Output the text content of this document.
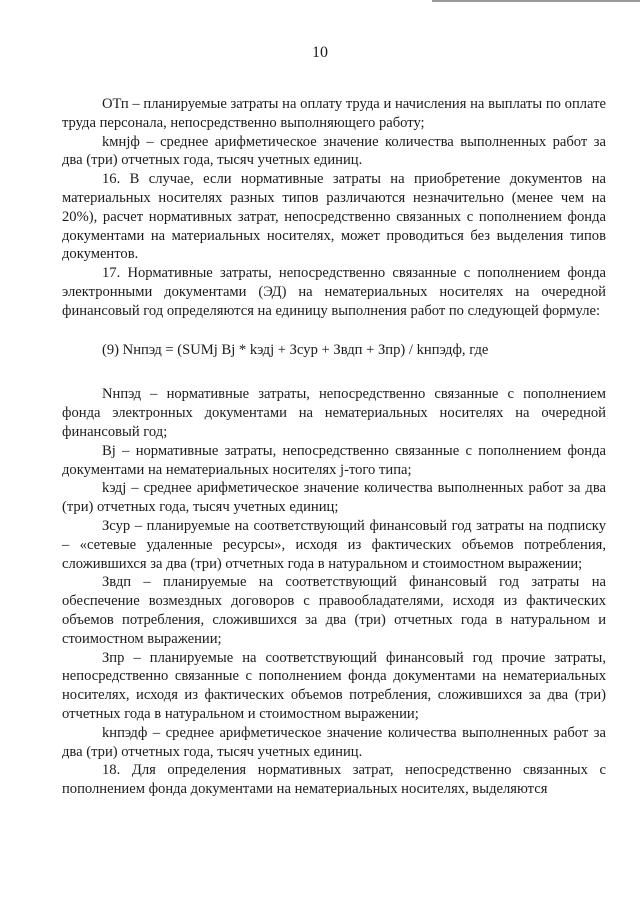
10

ОТп – планируемые затраты на оплату труда и начисления на выплаты по оплате труда персонала, непосредственно выполняющего работу;

kмнjф – среднее арифметическое значение количества выполненных работ за два (три) отчетных года, тысяч учетных единиц.

16. В случае, если нормативные затраты на приобретение документов на материальных носителях разных типов различаются незначительно (менее чем на 20%), расчет нормативных затрат, непосредственно связанных с пополнением фонда документами на материальных носителях, может проводиться без выделения типов документов.

17. Нормативные затраты, непосредственно связанные с пополнением фонда электронными документами (ЭД) на нематериальных носителях на очередной финансовый год определяются на единицу выполнения работ по следующей формуле:

(9) Nнпэд = (SUMj Bj * kэдj + Зсур + Звдп + Зпр) / kнпэдф, где

Nнпэд – нормативные затраты, непосредственно связанные с пополнением фонда электронных документами на нематериальных носителях на очередной финансовый год;

Bj – нормативные затраты, непосредственно связанные с пополнением фонда документами на нематериальных носителях j-того типа;

kэдj – среднее арифметическое значение количества выполненных работ за два (три) отчетных года, тысяч учетных единиц;

Зсур – планируемые на соответствующий финансовый год затраты на подписку – «сетевые удаленные ресурсы», исходя из фактических объемов потребления, сложившихся за два (три) отчетных года в натуральном и стоимостном выражении;

Звдп – планируемые на соответствующий финансовый год затраты на обеспечение возмездных договоров с правообладателями, исходя из фактических объемов потребления, сложившихся за два (три) отчетных года в натуральном и стоимостном выражении;

Зпр – планируемые на соответствующий финансовый год прочие затраты, непосредственно связанные с пополнением фонда документами на нематериальных носителях, исходя из фактических объемов потребления, сложившихся за два (три) отчетных года в натуральном и стоимостном выражении;

kнпэдф – среднее арифметическое значение количества выполненных работ за два (три) отчетных года, тысяч учетных единиц.

18. Для определения нормативных затрат, непосредственно связанных с пополнением фонда документами на нематериальных носителях, выделяются
